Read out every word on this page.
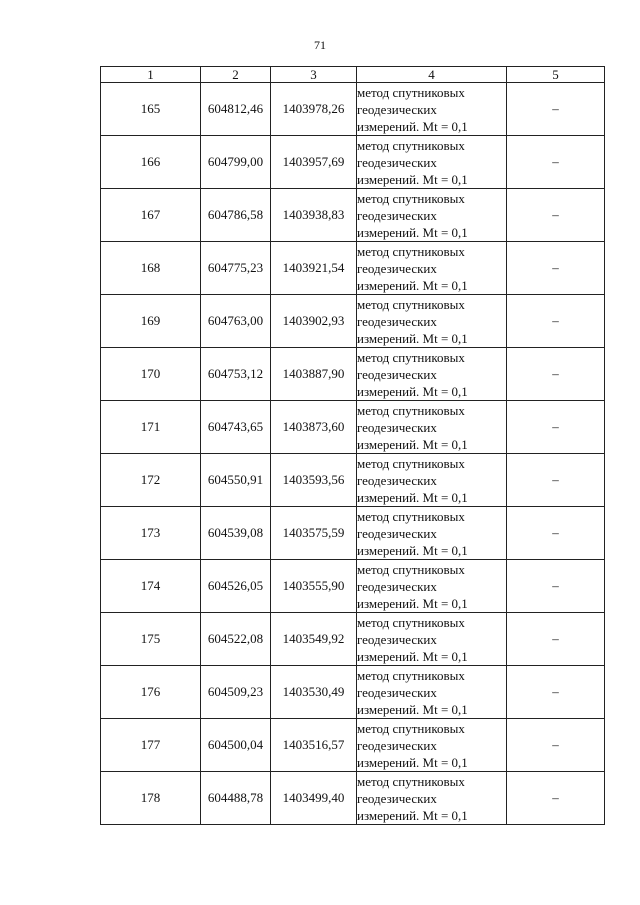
71
1	2	3	4	5
165	604812,46	1403978,26	метод спутниковых
геодезических
измерений. Mt = 0,1	–
166	604799,00	1403957,69	метод спутниковых
геодезических
измерений. Mt = 0,1	–
167	604786,58	1403938,83	метод спутниковых
геодезических
измерений. Mt = 0,1	–
168	604775,23	1403921,54	метод спутниковых
геодезических
измерений. Mt = 0,1	–
169	604763,00	1403902,93	метод спутниковых
геодезических
измерений. Mt = 0,1	–
170	604753,12	1403887,90	метод спутниковых
геодезических
измерений. Mt = 0,1	–
171	604743,65	1403873,60	метод спутниковых
геодезических
измерений. Mt = 0,1	–
172	604550,91	1403593,56	метод спутниковых
геодезических
измерений. Mt = 0,1	–
173	604539,08	1403575,59	метод спутниковых
геодезических
измерений. Mt = 0,1	–
174	604526,05	1403555,90	метод спутниковых
геодезических
измерений. Mt = 0,1	–
175	604522,08	1403549,92	метод спутниковых
геодезических
измерений. Mt = 0,1	–
176	604509,23	1403530,49	метод спутниковых
геодезических
измерений. Mt = 0,1	–
177	604500,04	1403516,57	метод спутниковых
геодезических
измерений. Mt = 0,1	–
178	604488,78	1403499,40	метод спутниковых
геодезических
измерений. Mt = 0,1	–
